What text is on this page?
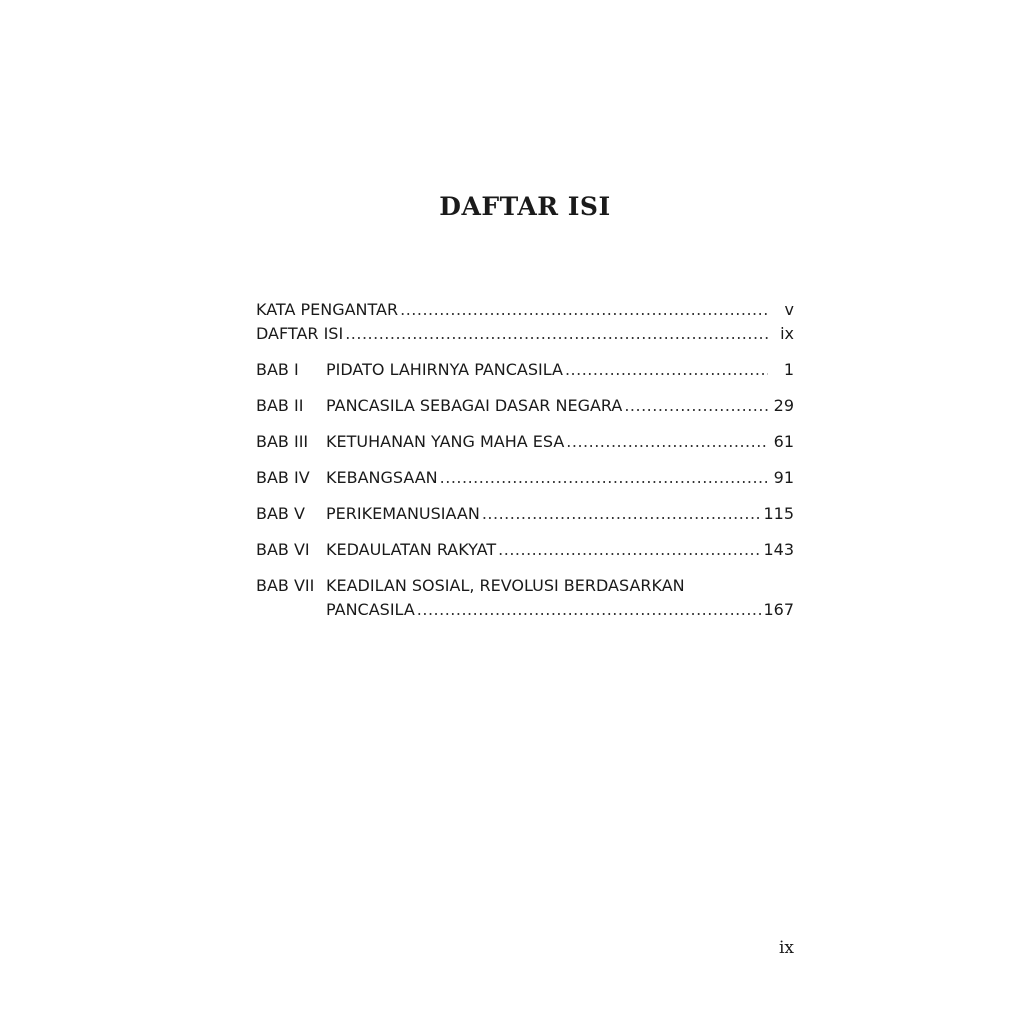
DAFTAR ISI
KATA PENGANTAR .....	v
DAFTAR ISI .....	ix
BAB I	PIDATO LAHIRNYA PANCASILA .....	1
BAB II	PANCASILA SEBAGAI DASAR NEGARA .....	29
BAB III	KETUHANAN YANG MAHA ESA .....	61
BAB IV	KEBANGSAAN .....	91
BAB V	PERIKEMANUSIAAN .....	115
BAB VI	KEDAULATAN RAKYAT .....	143
BAB VII KEADILAN SOSIAL, REVOLUSI BERDASARKAN
PANCASILA .....	167
ix
